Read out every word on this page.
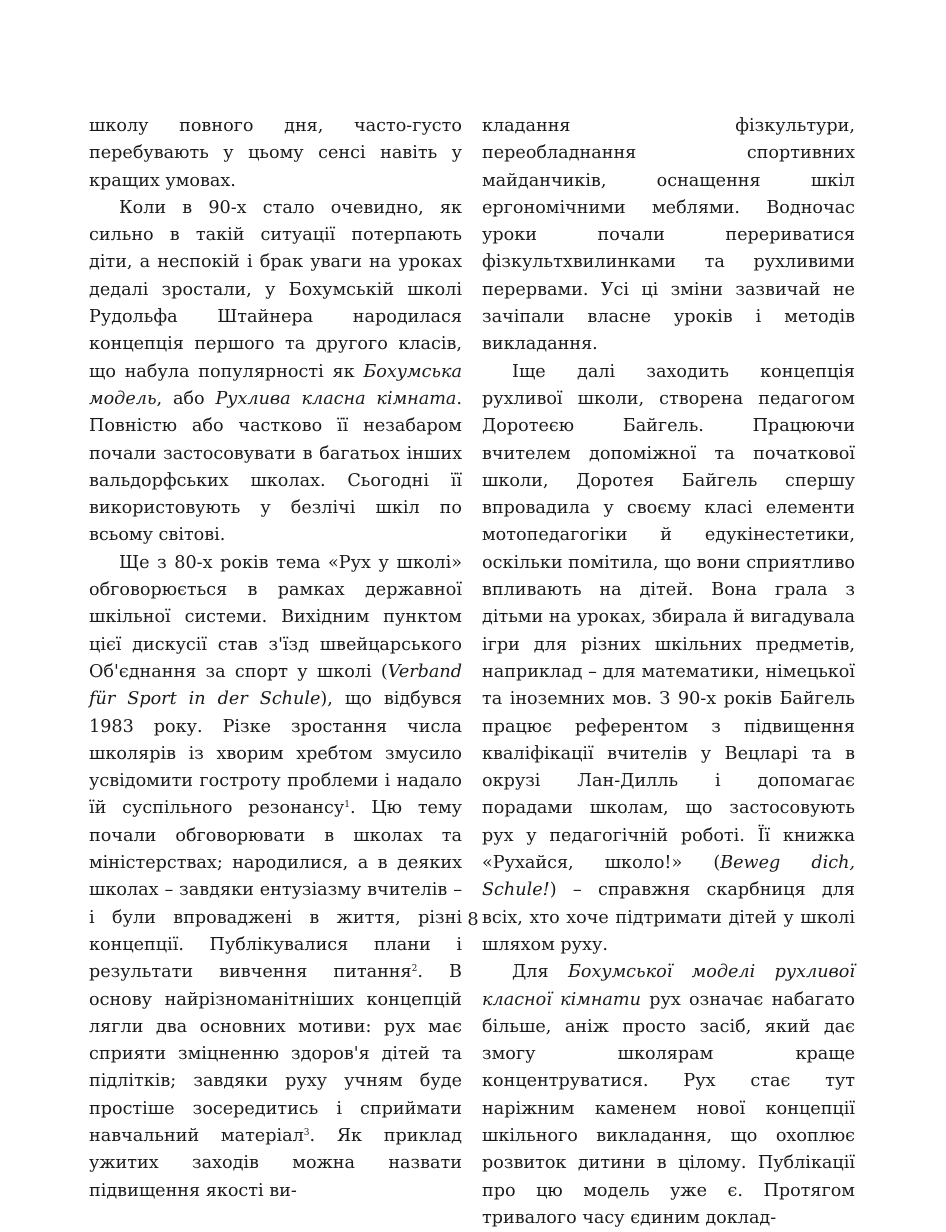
школу повного дня, часто-густо перебувають у цьому сенсі навіть у кращих умовах.

Коли в 90-х стало очевидно, як сильно в такій ситуації потерпають діти, а неспокій і брак уваги на уроках дедалі зростали, у Бохумській школі Рудольфа Штайнера народилася концепція першого та другого класів, що набула популярності як Бохумська модель, або Рухлива класна кімната. Повністю або частково її незабаром почали застосовувати в багатьох інших вальдорфських школах. Сьогодні її використовують у безлічі шкіл по всьому світові.

Ще з 80-х років тема «Рух у школі» обговорюється в рамках державної шкільної системи. Вихідним пунктом цієї дискусії став з'їзд швейцарського Об'єднання за спорт у школі (Verband für Sport in der Schule), що відбувся 1983 року. Різке зростання числа школярів із хворим хребтом змусило усвідомити гостроту проблеми і надало їй суспільного резонансу$^1$. Цю тему почали обговорювати в школах та міністерствах; народилися, а в деяких школах – завдяки ентузіазму вчителів – і були впроваджені в життя, різні концепції. Публікувалися плани і результати вивчення питання$^2$. В основу найрізноманітніших концепцій лягли два основних мотиви: рух має сприяти зміцненню здоров'я дітей та підлітків; завдяки руху учням буде простіше зосередитись і сприймати навчальний матеріал$^3$. Як приклад ужитих заходів можна назвати підвищення якості ви-

кладання фізкультури, переобладнання спортивних майданчиків, оснащення шкіл ергономічними меблями. Водночас уроки почали перериватися фізкультхвилинками та рухливими перервами. Усі ці зміни зазвичай не зачіпали власне уроків і методів викладання.

Іще далі заходить концепція рухливої школи, створена педагогом Доротеєю Байгель. Працюючи вчителем допоміжної та початкової школи, Доротея Байгель спершу впровадила у своєму класі елементи мотопедагогіки й едукінестетики, оскільки помітила, що вони сприятливо впливають на дітей. Вона грала з дітьми на уроках, збирала й вигадувала ігри для різних шкільних предметів, наприклад – для математики, німецької та іноземних мов. З 90-х років Байгель працює референтом з підвищення кваліфікації вчителів у Вецларі та в окрузі Лан-Дилль і допомагає порадами школам, що застосовують рух у педагогічній роботі. Її книжка «Рухайся, школо!» (Beweg dich, Schule!) – справжня скарбниця для всіх, хто хоче підтримати дітей у школі шляхом руху.

Для Бохумської моделі рухливої класної кімнати рух означає набагато більше, аніж просто засіб, який дає змогу школярам краще концентруватися. Рух стає тут наріжним каменем нової концепції шкільного викладання, що охоплює розвиток дитини в цілому. Публікації про цю модель уже є. Протягом тривалого часу єдиним доклад-

8
